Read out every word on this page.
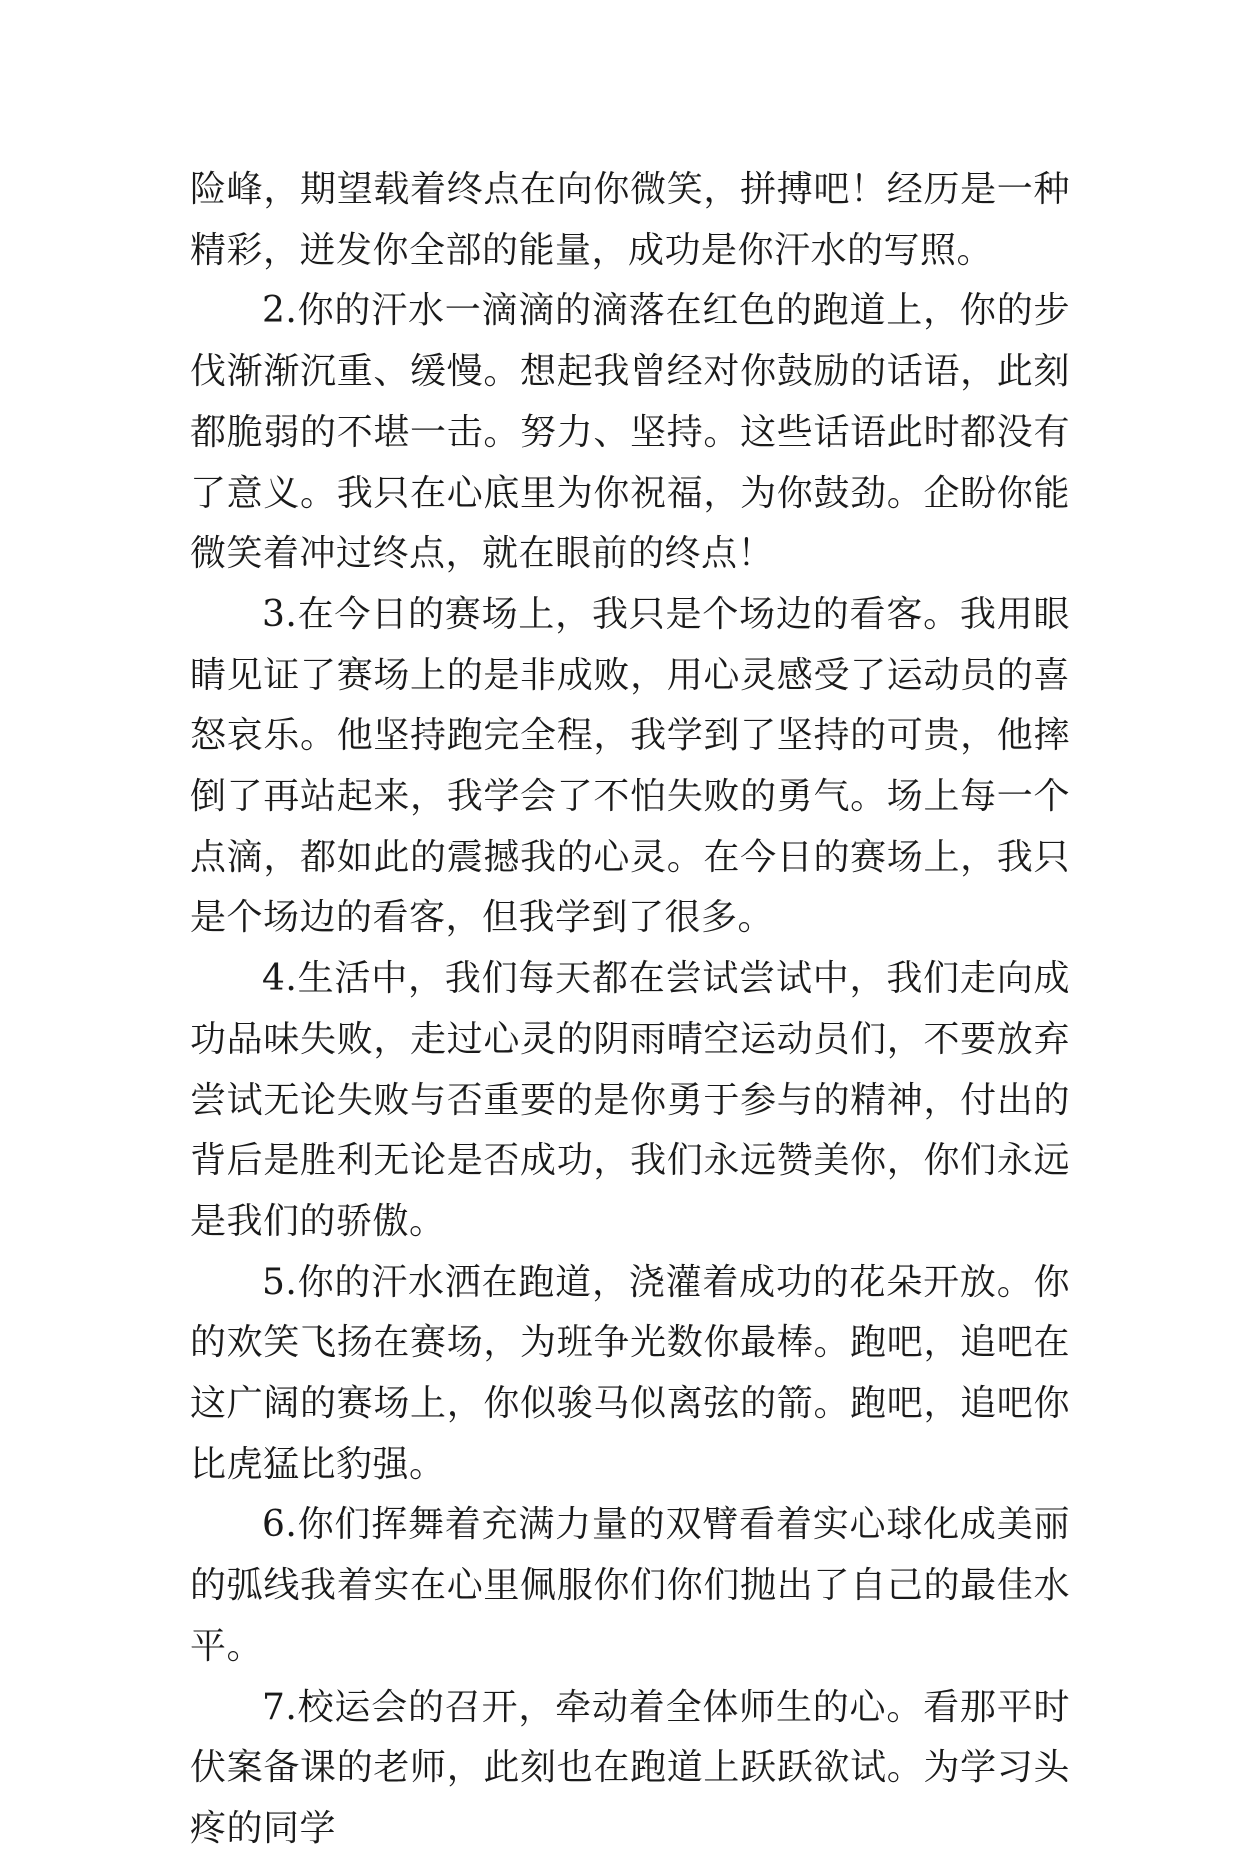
险峰，期望载着终点在向你微笑，拼搏吧！经历是一种精彩，迸发你全部的能量，成功是你汗水的写照。

2.你的汗水一滴滴的滴落在红色的跑道上，你的步伐渐渐沉重、缓慢。想起我曾经对你鼓励的话语，此刻都脆弱的不堪一击。努力、坚持。这些话语此时都没有了意义。我只在心底里为你祝福，为你鼓劲。企盼你能微笑着冲过终点，就在眼前的终点！

3.在今日的赛场上，我只是个场边的看客。我用眼睛见证了赛场上的是非成败，用心灵感受了运动员的喜怒哀乐。他坚持跑完全程，我学到了坚持的可贵，他摔倒了再站起来，我学会了不怕失败的勇气。场上每一个点滴，都如此的震撼我的心灵。在今日的赛场上，我只是个场边的看客，但我学到了很多。

4.生活中，我们每天都在尝试尝试中，我们走向成功品味失败，走过心灵的阴雨晴空运动员们，不要放弃尝试无论失败与否重要的是你勇于参与的精神，付出的背后是胜利无论是否成功，我们永远赞美你，你们永远是我们的骄傲。

5.你的汗水洒在跑道，浇灌着成功的花朵开放。你的欢笑飞扬在赛场，为班争光数你最棒。跑吧，追吧在这广阔的赛场上，你似骏马似离弦的箭。跑吧，追吧你比虎猛比豹强。

6.你们挥舞着充满力量的双臂看着实心球化成美丽的弧线我着实在心里佩服你们你们抛出了自己的最佳水平。

7.校运会的召开，牵动着全体师生的心。看那平时伏案备课的老师，此刻也在跑道上跃跃欲试。为学习头疼的同学
